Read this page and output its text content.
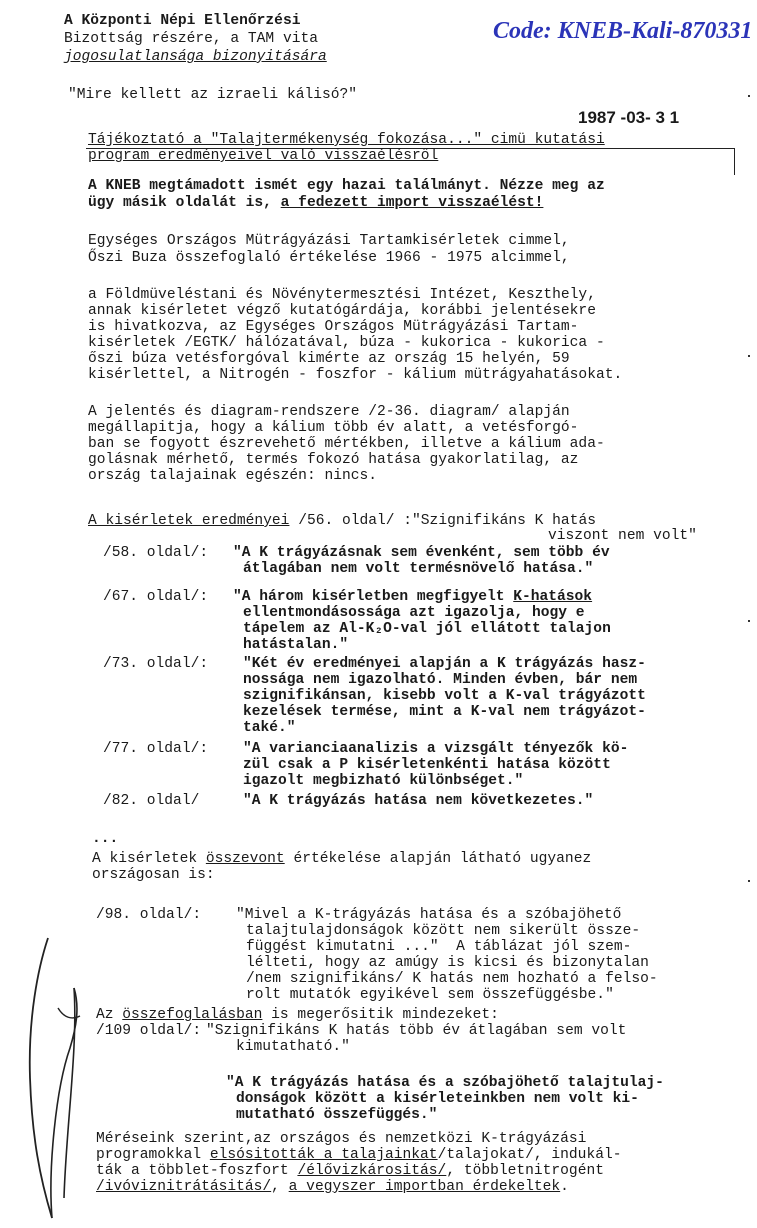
A Központi Népi Ellenőrzési
Bizottság részére, a TAM vita
jogosulatlansága bizonyitására
"Mire kellett az izraeli kálisó?"
Code: KNEB-Kali-870331
1987 -03- 3 1
Tájékoztató a "Talajtermékenység fokozása..." cimü kutatási
program eredményeivel való visszaélésről
A KNEB megtámadott ismét egy hazai találmányt. Nézze meg az
ügy másik oldalát is, a fedezett import visszaélést!
Egységes Országos Mütrágyázási Tartamkisérletek cimmel,
Őszi Buza összefoglaló értékelése 1966 - 1975 alcimmel,
a Földmüveléstani és Növénytermesztési Intézet, Keszthely,
annak kisérletet végző kutatógárdája, korábbi jelentésekre
is hivatkozva, az Egységes Országos Mütrágyázási Tartam-
kisérletek /EGTK/ hálózatával, búza - kukorica - kukorica -
őszi búza vetésforgóval kimérte az ország 15 helyén, 59
kisérlettel, a Nitrogén - foszfor - kálium mütrágyahatásokat.
A jelentés és diagram-rendszere /2-36. diagram/ alapján
megállapitja, hogy a kálium több év alatt, a vetésforgó-
ban se fogyott észrevehető mértékben, illetve a kálium ada-
golásnak mérhető, termés fokozó hatása gyakorlatilag, az
ország talajainak egészén: nincs.
A kisérletek eredményei /56. oldal/ :"Szignifikáns K hatás
viszont nem volt"
/58. oldal/: "A K trágyázásnak sem évenként, sem több év
átlagában nem volt termésnövelő hatása."
/67. oldal/: "A három kisérletben megfigyelt K-hatások
ellentmondásossága azt igazolja, hogy e
tápelem az Al-K₂O-val jól ellátott talajon
hatástalan."
/73. oldal/: "Két év eredményei alapján a K trágyázás hasz-
nossága nem igazolható. Minden évben, bár nem
szignifikánsan, kisebb volt a K-val trágyázott
kezelések termése, mint a K-val nem trágyázot-
také."
/77. oldal/: "A varianciaanalizis a vizsgált tényezők kö-
zül csak a P kisérletenkénti hatása között
igazolt megbizható különbséget."
/82. oldal/ "A K trágyázás hatása nem következetes."
...
A kisérletek összevont értékelése alapján látható ugyanez
országosan is:
/98. oldal/: "Mivel a K-trágyázás hatása és a szóbajöhető
talajtulajdonságok között nem sikerült össze-
függést kimutatni ..."  A táblázat jól szem-
lélteti, hogy az amúgy is kicsi és bizonytalan
/nem szignifikáns/ K hatás nem hozható a felso-
rolt mutatók egyikével sem összefüggésbe."
Az összefoglalásban is megerősitik mindezeket:
/109 oldal/: "Szignifikáns K hatás több év átlagában sem volt
kimutatható."
"A K trágyázás hatása és a szóbajöhető talajtulaj-
donságok között a kisérleteinkben nem volt ki-
mutatható összefüggés."
Méréseink szerint,az országos és nemzetközi K-trágyázási
programokkal elsósitották a talajainkat/talajokat/, indukál-
ták a többlet-foszfort /élővizkárositás/, többletnitrogént
/ivóviznitrátásitás/, a vegyszer importban érdekeltek.
